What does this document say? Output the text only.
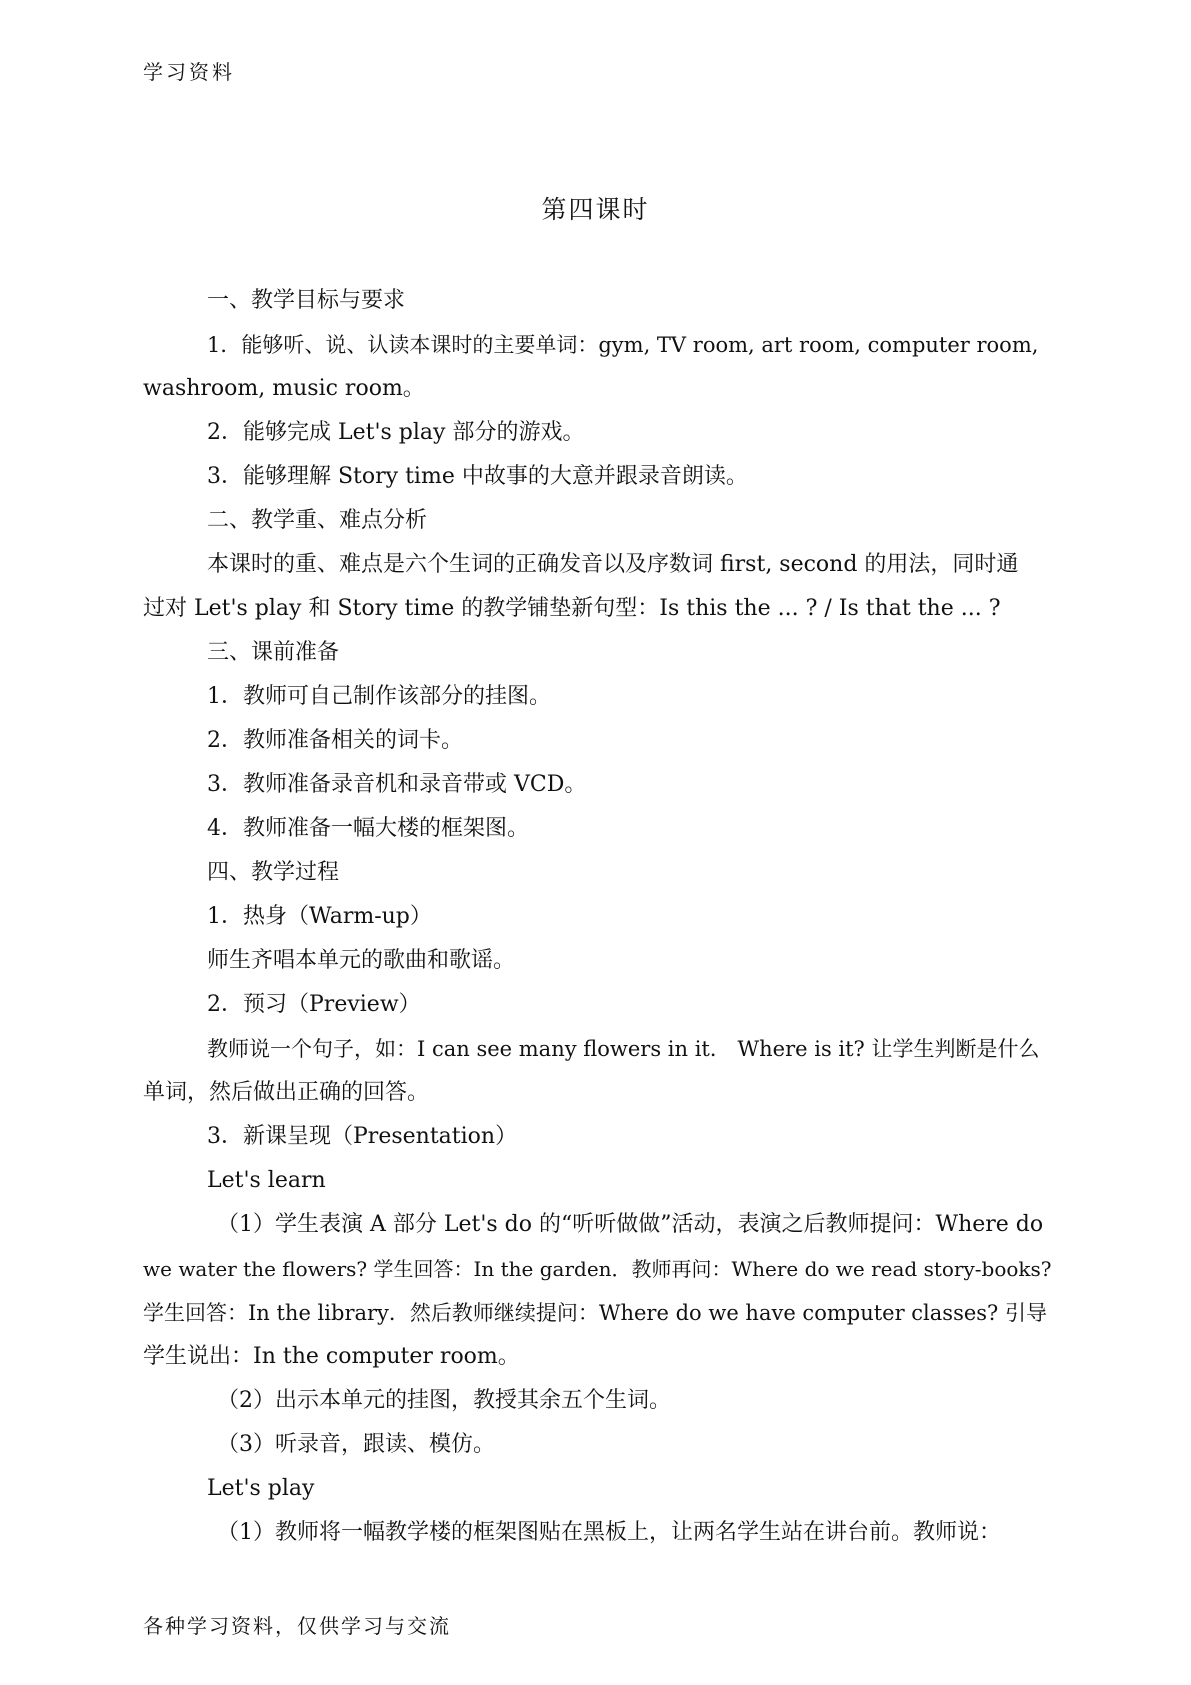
学习资料
第四课时
一、教学目标与要求
1．能够听、说、认读本课时的主要单词：gym, TV room, art room, computer room,
washroom, music room。
2．能够完成 Let's play 部分的游戏。
3．能够理解 Story time 中故事的大意并跟录音朗读。
二、教学重、难点分析
本课时的重、难点是六个生词的正确发音以及序数词 first, second 的用法，同时通
过对 Let's play 和 Story time 的教学铺垫新句型：Is this the ... ? / Is that the ... ?
三、课前准备
1．教师可自己制作该部分的挂图。
2．教师准备相关的词卡。
3．教师准备录音机和录音带或 VCD。
4．教师准备一幅大楼的框架图。
四、教学过程
1．热身（Warm-up）
师生齐唱本单元的歌曲和歌谣。
2．预习（Preview）
教师说一个句子，如：I can see many flowers in it． Where is it? 让学生判断是什么
单词，然后做出正确的回答。
3．新课呈现（Presentation）
Let's learn
（1）学生表演 A 部分 Let's do 的“听听做做”活动，表演之后教师提问：Where do
we water the flowers? 学生回答：In the garden．教师再问：Where do we read story-books?
学生回答：In the library．然后教师继续提问：Where do we have computer classes? 引导
学生说出：In the computer room。
（2）出示本单元的挂图，教授其余五个生词。
（3）听录音，跟读、模仿。
Let's play
（1）教师将一幅教学楼的框架图贴在黑板上，让两名学生站在讲台前。教师说：
各种学习资料，仅供学习与交流
